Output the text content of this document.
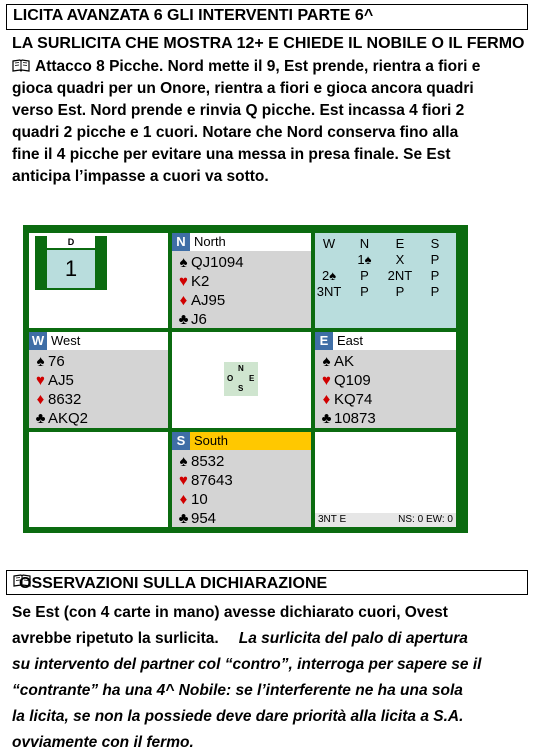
LICITA AVANZATA 6 GLI INTERVENTI PARTE 6^
LA SURLICITA CHE MOSTRA 12+ E CHIEDE IL NOBILE O IL FERMO
Attacco 8 Picche. Nord mette il 9, Est prende, rientra a fiori e
gioca quadri per un Onore, rientra a fiori e gioca ancora quadri
verso Est. Nord prende e rinvia Q picche. Est incassa 4 fiori 2
quadri 2 picche e 1 cuori. Notare che Nord conserva fino alla
fine il 4 picche per evitare una messa in presa finale. Se Est
anticipa l’impasse a cuori va sotto.
D
1
N North
♠ QJ1094
♥ K2
♦ AJ95
♣ J6
W	N	E	S
	1♠	X	P
2♠	P	2NT	P
3NT	P	P	P
W West
♠ 76
♥ AJ5
♦ 8632
♣ AKQ2
N
O E
S
E East
♠ AK
♥ Q109
♦ KQ74
♣ 10873
S South
♠ 8532
♥ 87643
♦ 10
♣ 954	3NT E	NS: 0 EW: 0
OSSERVAZIONI SULLA DICHIARAZIONE
Se Est (con 4 carte in mano) avesse dichiarato cuori, Ovest
avrebbe ripetuto la surlicita. La surlicita del palo di apertura
su intervento del partner col “contro”, interroga per sapere se il
“contrante” ha una 4^ Nobile: se l’interferente ne ha una sola
la licita, se non la possiede deve dare priorità alla licita a S.A.
ovviamente con il fermo.
